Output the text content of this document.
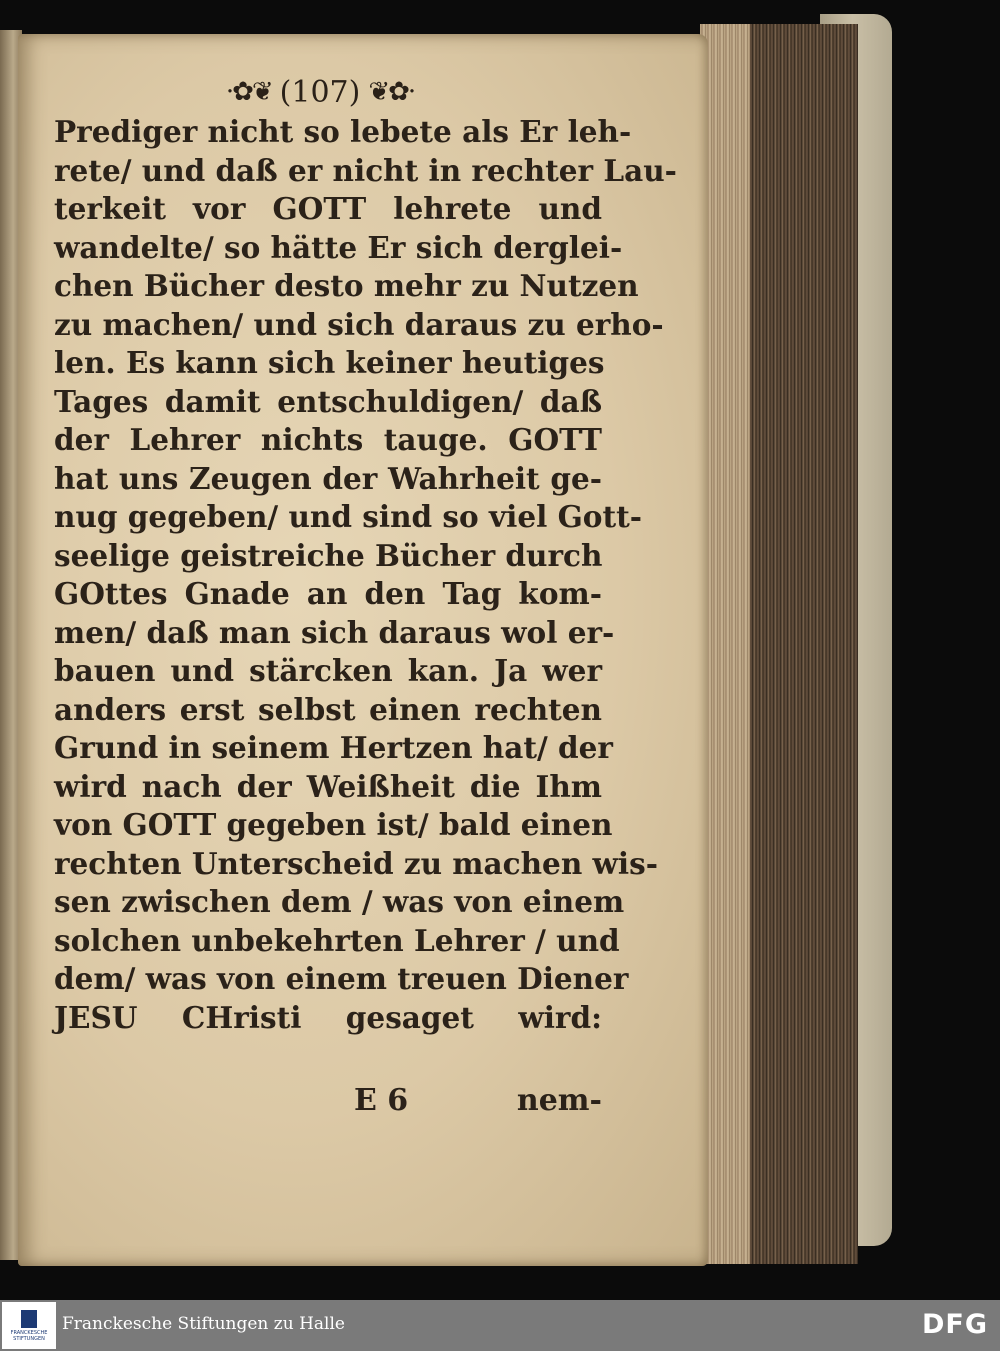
·✿❦ (107) ❦✿·
Prediger nicht so lebete als Er leh-
rete/ und daß er nicht in rechter Lau-
terkeit vor GOTT lehrete und
wandelte/ so hätte Er sich derglei-
chen Bücher desto mehr zu Nutzen
zu machen/ und sich daraus zu erho-
len. Es kann sich keiner heutiges
Tages damit entschuldigen/ daß
der Lehrer nichts tauge. GOTT
hat uns Zeugen der Wahrheit ge-
nug gegeben/ und sind so viel Gott-
seelige geistreiche Bücher durch
GOttes Gnade an den Tag kom-
men/ daß man sich daraus wol er-
bauen und stärcken kan. Ja wer
anders erst selbst einen rechten
Grund in seinem Hertzen hat/ der
wird nach der Weißheit die Ihm
von GOTT gegeben ist/ bald einen
rechten Unterscheid zu machen wis-
sen zwischen dem / was von einem
solchen unbekehrten Lehrer / und
dem/ was von einem treuen Diener
JESU CHristi gesaget wird:
E 6	nem-
FRANCKESCHE
STIFTUNGEN
Franckesche Stiftungen zu Halle	DFG
